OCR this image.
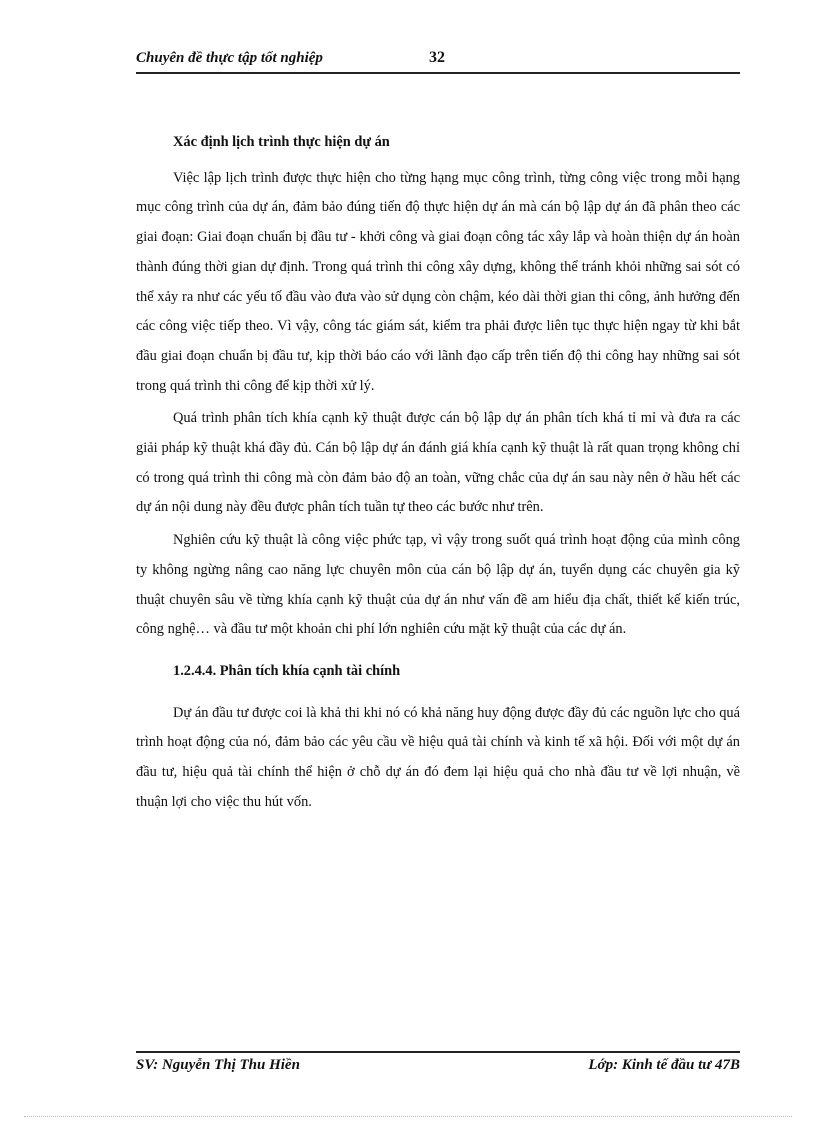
Chuyên đề thực tập tốt nghiệp	32

Xác định lịch trình thực hiện dự án

Việc lập lịch trình được thực hiện cho từng hạng mục công trình, từng công việc trong mỗi hạng mục công trình của dự án, đảm bảo đúng tiến độ thực hiện dự án mà cán bộ lập dự án đã phân theo các giai đoạn: Giai đoạn chuẩn bị đầu tư - khởi công và giai đoạn công tác xây lắp và hoàn thiện dự án hoàn thành đúng thời gian dự định. Trong quá trình thi công xây dựng, không thể tránh khỏi những sai sót có thể xảy ra như các yếu tố đầu vào đưa vào sử dụng còn chậm, kéo dài thời gian thi công, ảnh hưởng đến các công việc tiếp theo. Vì vậy, công tác giám sát, kiểm tra phải được liên tục thực hiện ngay từ khi bắt đầu giai đoạn chuẩn bị đầu tư, kịp thời báo cáo với lãnh đạo cấp trên tiến độ thi công hay những sai sót trong quá trình thi công để kịp thời xử lý.

Quá trình phân tích khía cạnh kỹ thuật được cán bộ lập dự án phân tích khá tỉ mỉ và đưa ra các giải pháp kỹ thuật khá đầy đủ. Cán bộ lập dự án đánh giá khía cạnh kỹ thuật là rất quan trọng không chỉ có trong quá trình thi công mà còn đảm bảo độ an toàn, vững chắc của dự án sau này nên ở hầu hết các dự án nội dung này đều được phân tích tuần tự theo các bước như trên.

Nghiên cứu kỹ thuật là công việc phức tạp, vì vậy trong suốt quá trình hoạt động của mình công ty không ngừng nâng cao năng lực chuyên môn của cán bộ lập dự án, tuyển dụng các chuyên gia kỹ thuật chuyên sâu về từng khía cạnh kỹ thuật của dự án như vấn đề am hiểu địa chất, thiết kế kiến trúc, công nghệ… và đầu tư một khoản chi phí lớn nghiên cứu mặt kỹ thuật của các dự án.

1.2.4.4. Phân tích khía cạnh tài chính

Dự án đầu tư được coi là khả thi khi nó có khả năng huy động được đầy đủ các nguồn lực cho quá trình hoạt động của nó, đảm bảo các yêu cầu về hiệu quả tài chính và kinh tế xã hội. Đối với một dự án đầu tư, hiệu quả tài chính thể hiện ở chỗ dự án đó đem lại hiệu quả cho nhà đầu tư về lợi nhuận, về thuận lợi cho việc thu hút vốn.

SV: Nguyễn Thị Thu Hiền	Lớp: Kinh tế đầu tư 47B
